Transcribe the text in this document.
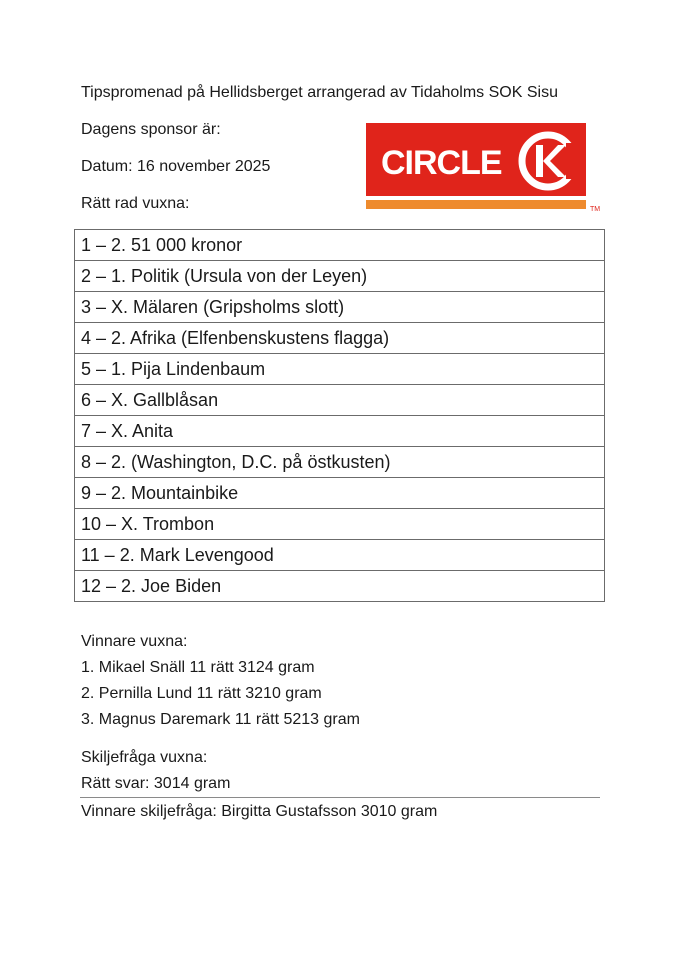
Tipspromenad på Hellidsberget arrangerad av Tidaholms SOK Sisu
Dagens sponsor är:
Datum: 16 november 2025
Rätt rad vuxna:
CIRCLE
TM
1 – 2. 51 000 kronor
2 – 1. Politik (Ursula von der Leyen)
3 – X. Mälaren (Gripsholms slott)
4 – 2. Afrika (Elfenbenskustens flagga)
5 – 1. Pija Lindenbaum
6 – X. Gallblåsan
7 – X. Anita
8 – 2. (Washington, D.C. på östkusten)
9 – 2. Mountainbike
10 – X. Trombon
11 – 2. Mark Levengood
12 – 2. Joe Biden
Vinnare vuxna:
1. Mikael Snäll 11 rätt 3124 gram
2. Pernilla Lund 11 rätt 3210 gram
3. Magnus Daremark 11 rätt 5213 gram
Skiljefråga vuxna:
Rätt svar: 3014 gram
Vinnare skiljefråga: Birgitta Gustafsson 3010 gram
